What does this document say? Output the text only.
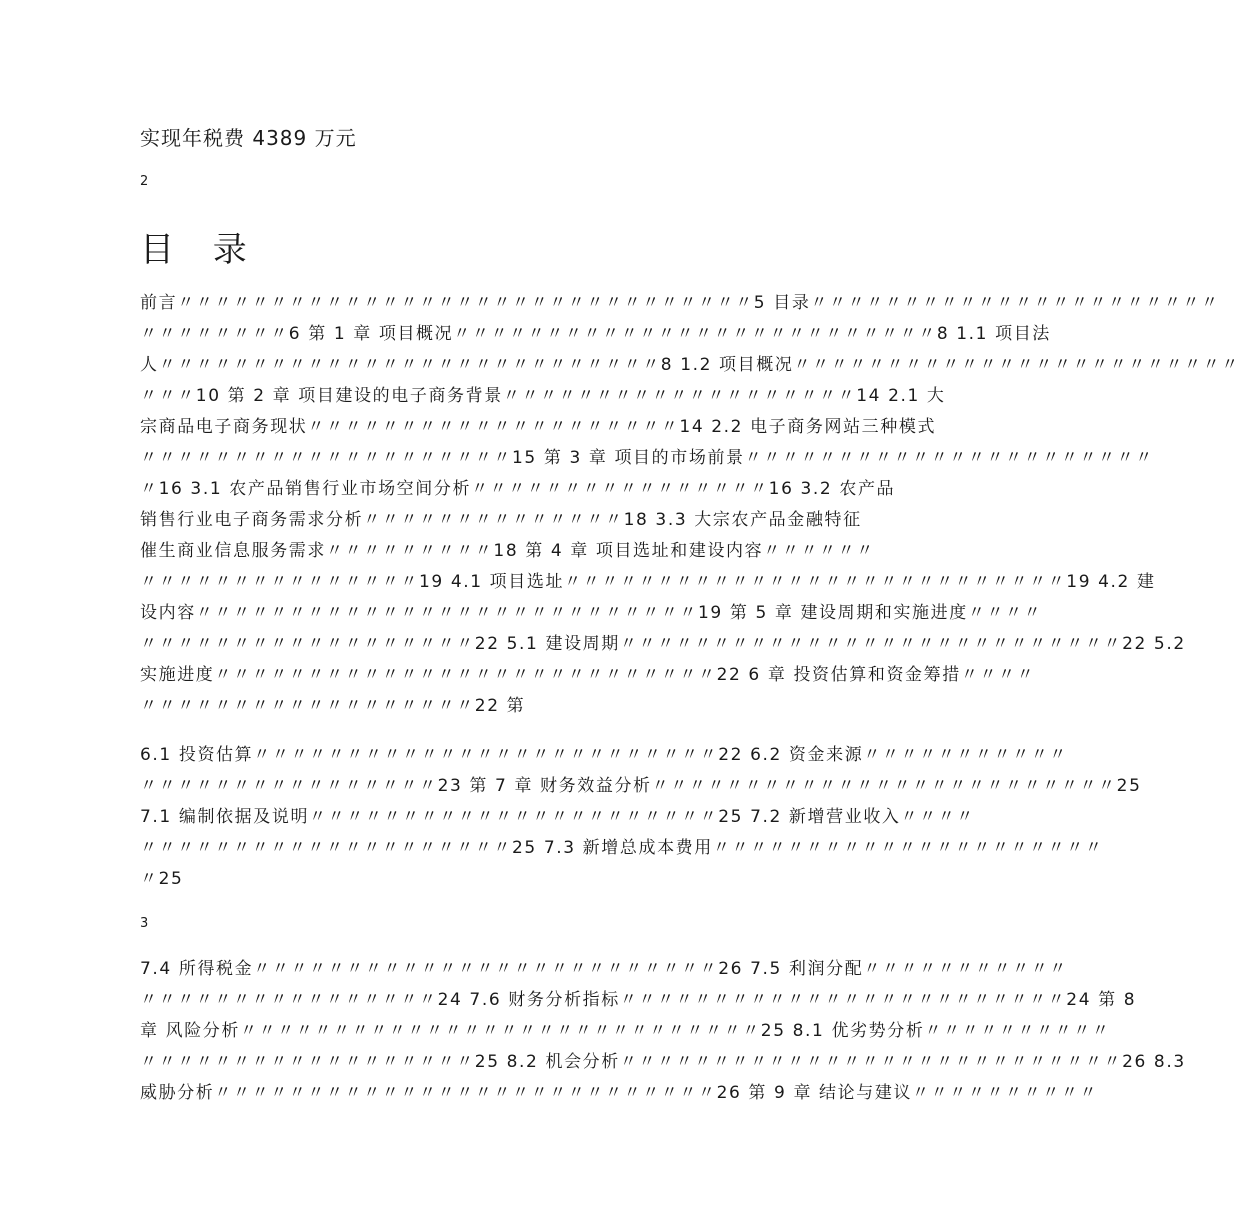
实现年税费 4389 万元
2
目 录
前言〃〃〃〃〃〃〃〃〃〃〃〃〃〃〃〃〃〃〃〃〃〃〃〃〃〃〃〃〃〃〃5 目录〃〃〃〃〃〃〃〃〃〃〃〃〃〃〃〃〃〃〃〃〃〃
〃〃〃〃〃〃〃〃6 第 1 章 项目概况〃〃〃〃〃〃〃〃〃〃〃〃〃〃〃〃〃〃〃〃〃〃〃〃〃〃8 1.1 项目法
人〃〃〃〃〃〃〃〃〃〃〃〃〃〃〃〃〃〃〃〃〃〃〃〃〃〃〃8 1.2 项目概况〃〃〃〃〃〃〃〃〃〃〃〃〃〃〃〃〃〃〃〃〃〃〃〃
〃〃〃10 第 2 章 项目建设的电子商务背景〃〃〃〃〃〃〃〃〃〃〃〃〃〃〃〃〃〃〃14 2.1 大
宗商品电子商务现状〃〃〃〃〃〃〃〃〃〃〃〃〃〃〃〃〃〃〃〃14 2.2 电子商务网站三种模式
〃〃〃〃〃〃〃〃〃〃〃〃〃〃〃〃〃〃〃〃15 第 3 章 项目的市场前景〃〃〃〃〃〃〃〃〃〃〃〃〃〃〃〃〃〃〃〃〃〃
〃16 3.1 农产品销售行业市场空间分析〃〃〃〃〃〃〃〃〃〃〃〃〃〃〃〃16 3.2 农产品
销售行业电子商务需求分析〃〃〃〃〃〃〃〃〃〃〃〃〃〃18 3.3 大宗农产品金融特征
催生商业信息服务需求〃〃〃〃〃〃〃〃〃18 第 4 章 项目选址和建设内容〃〃〃〃〃〃
〃〃〃〃〃〃〃〃〃〃〃〃〃〃〃19 4.1 项目选址〃〃〃〃〃〃〃〃〃〃〃〃〃〃〃〃〃〃〃〃〃〃〃〃〃〃〃19 4.2 建
设内容〃〃〃〃〃〃〃〃〃〃〃〃〃〃〃〃〃〃〃〃〃〃〃〃〃〃〃19 第 5 章 建设周期和实施进度〃〃〃〃
〃〃〃〃〃〃〃〃〃〃〃〃〃〃〃〃〃〃22 5.1 建设周期〃〃〃〃〃〃〃〃〃〃〃〃〃〃〃〃〃〃〃〃〃〃〃〃〃〃〃22 5.2
实施进度〃〃〃〃〃〃〃〃〃〃〃〃〃〃〃〃〃〃〃〃〃〃〃〃〃〃〃22 6 章 投资估算和资金筹措〃〃〃〃
〃〃〃〃〃〃〃〃〃〃〃〃〃〃〃〃〃〃22 第
6.1 投资估算〃〃〃〃〃〃〃〃〃〃〃〃〃〃〃〃〃〃〃〃〃〃〃〃〃22 6.2 资金来源〃〃〃〃〃〃〃〃〃〃〃
〃〃〃〃〃〃〃〃〃〃〃〃〃〃〃〃23 第 7 章 财务效益分析〃〃〃〃〃〃〃〃〃〃〃〃〃〃〃〃〃〃〃〃〃〃〃〃〃25
7.1 编制依据及说明〃〃〃〃〃〃〃〃〃〃〃〃〃〃〃〃〃〃〃〃〃〃25 7.2 新增营业收入〃〃〃〃
〃〃〃〃〃〃〃〃〃〃〃〃〃〃〃〃〃〃〃〃25 7.3 新增总成本费用〃〃〃〃〃〃〃〃〃〃〃〃〃〃〃〃〃〃〃〃〃
〃25
3
7.4 所得税金〃〃〃〃〃〃〃〃〃〃〃〃〃〃〃〃〃〃〃〃〃〃〃〃〃26 7.5 利润分配〃〃〃〃〃〃〃〃〃〃〃
〃〃〃〃〃〃〃〃〃〃〃〃〃〃〃〃24 7.6 财务分析指标〃〃〃〃〃〃〃〃〃〃〃〃〃〃〃〃〃〃〃〃〃〃〃〃24 第 8
章 风险分析〃〃〃〃〃〃〃〃〃〃〃〃〃〃〃〃〃〃〃〃〃〃〃〃〃〃〃〃25 8.1 优劣势分析〃〃〃〃〃〃〃〃〃〃
〃〃〃〃〃〃〃〃〃〃〃〃〃〃〃〃〃〃25 8.2 机会分析〃〃〃〃〃〃〃〃〃〃〃〃〃〃〃〃〃〃〃〃〃〃〃〃〃〃〃26 8.3
威胁分析〃〃〃〃〃〃〃〃〃〃〃〃〃〃〃〃〃〃〃〃〃〃〃〃〃〃〃26 第 9 章 结论与建议〃〃〃〃〃〃〃〃〃〃
